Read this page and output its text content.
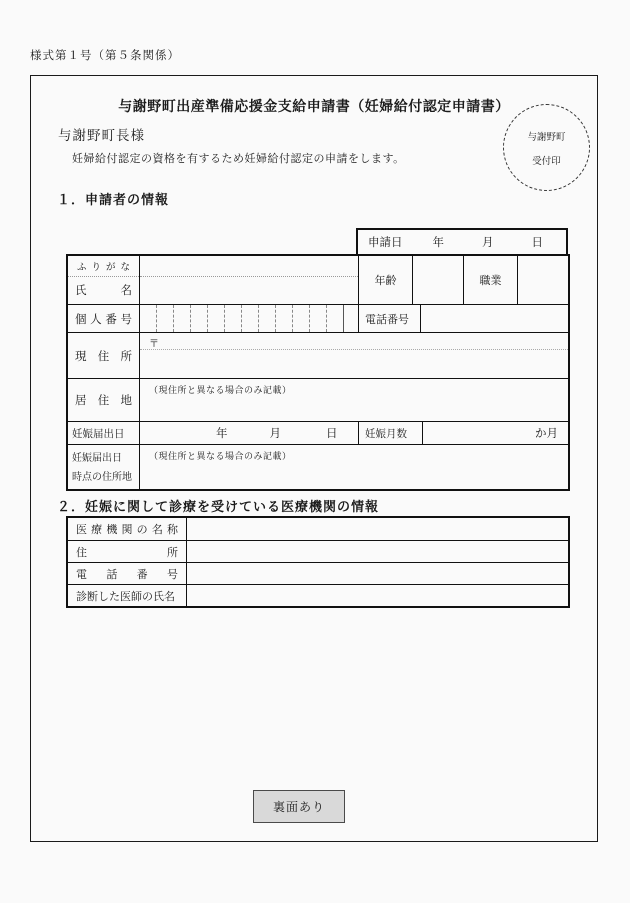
様式第１号（第５条関係）
与謝野町出産準備応援金支給申請書（妊婦給付認定申請書）
与謝野町長様
妊婦給付認定の資格を有するため妊婦給付認定の申請をします。
与謝野町
受付印
１．申請者の情報
申請日	年	月	日
ふりがな
氏名
年齢	職業
個人番号	電話番号
現住所
〒
居住地
（現住所と異なる場合のみ記載）
妊娠届出日	年	月	日	妊娠月数	か月
妊娠届出日
時点の住所地
（現住所と異なる場合のみ記載）
２．妊娠に関して診療を受けている医療機関の情報
医療機関の名称
住所
電話番号
診断した医師の氏名
裏面あり
